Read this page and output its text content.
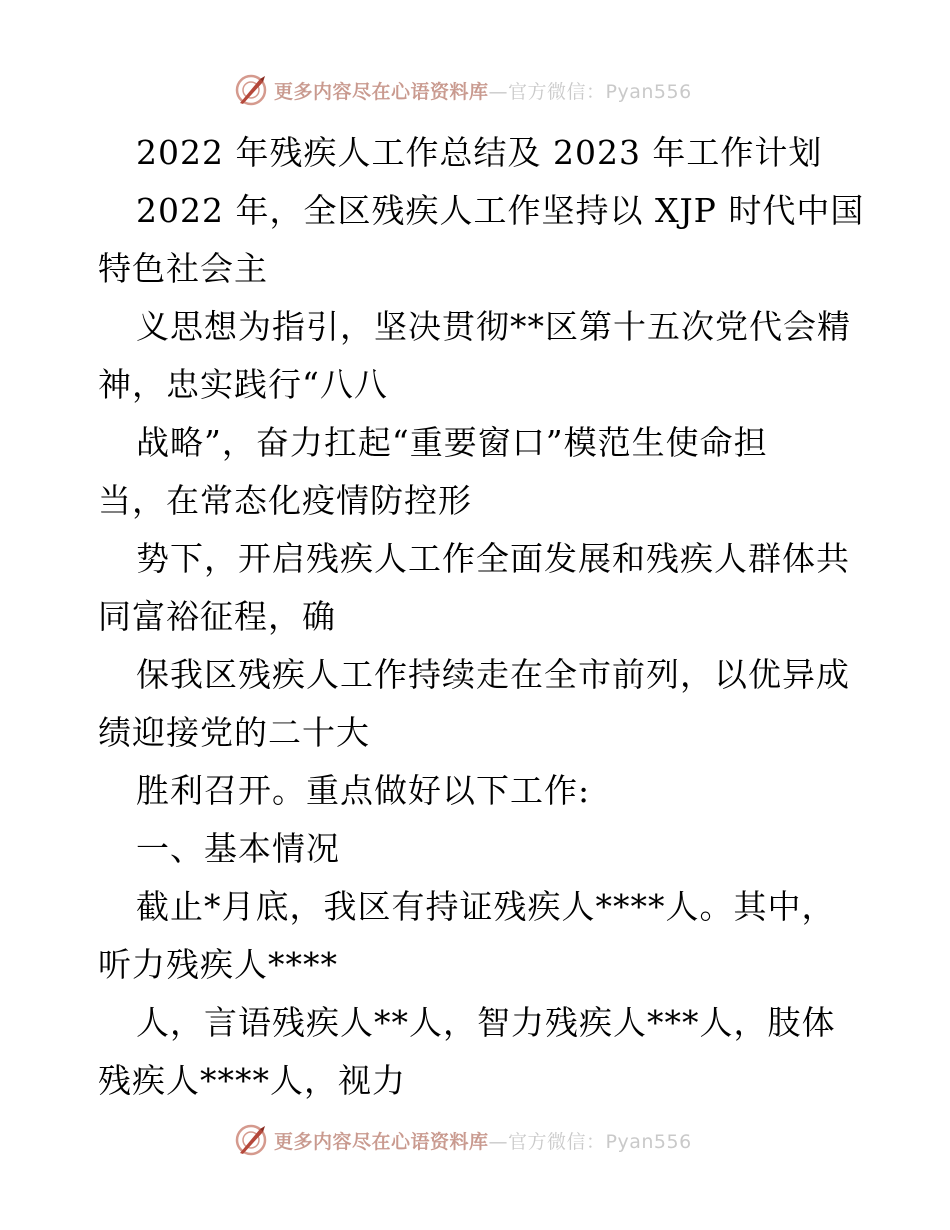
更多内容尽在心语资料库—官方微信：Pyan556
2022 年残疾人工作总结及 2023 年工作计划
2022 年，全区残疾人工作坚持以 XJP 时代中国
特色社会主
义思想为指引，坚决贯彻**区第十五次党代会精
神，忠实践行“八八
战略”，奋力扛起“重要窗口”模范生使命担
当，在常态化疫情防控形
势下，开启残疾人工作全面发展和残疾人群体共
同富裕征程，确
保我区残疾人工作持续走在全市前列，以优异成
绩迎接党的二十大
胜利召开。重点做好以下工作:
一、基本情况
截止*月底，我区有持证残疾人****人。其中，
听力残疾人****
人，言语残疾人**人，智力残疾人***人，肢体
残疾人****人，视力
更多内容尽在心语资料库—官方微信：Pyan556
